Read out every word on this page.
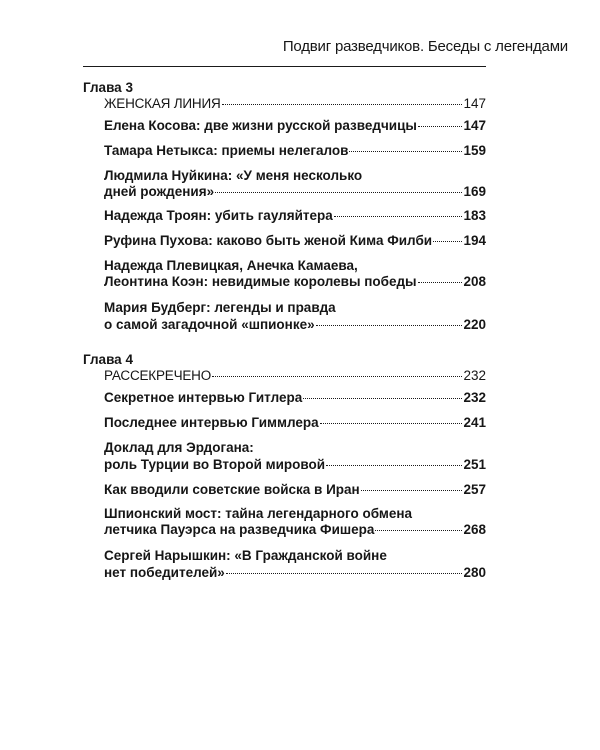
Подвиг разведчиков. Беседы с легендами
Глава 3
ЖЕНСКАЯ ЛИНИЯ	147
Елена Косова: две жизни русской разведчицы	147
Тамара Нетыкса: приемы нелегалов	159
Людмила Нуйкина: «У меня несколько
дней рождения»	169
Надежда Троян: убить гауляйтера	183
Руфина Пухова: каково быть женой Кима Филби 194
Надежда Плевицкая, Анечка Камаева,
Леонтина Коэн: невидимые королевы победы	208
Мария Будберг: легенды и правда
о самой загадочной «шпионке»	220
Глава 4
РАССЕКРЕЧЕНО	232
Секретное интервью Гитлера	232
Последнее интервью Гиммлера	241
Доклад для Эрдогана:
роль Турции во Второй мировой	251
Как вводили советские войска в Иран	257
Шпионский мост: тайна легендарного обмена
летчика Пауэрса на разведчика Фишера	268
Сергей Нарышкин: «В Гражданской войне
нет победителей»	280
